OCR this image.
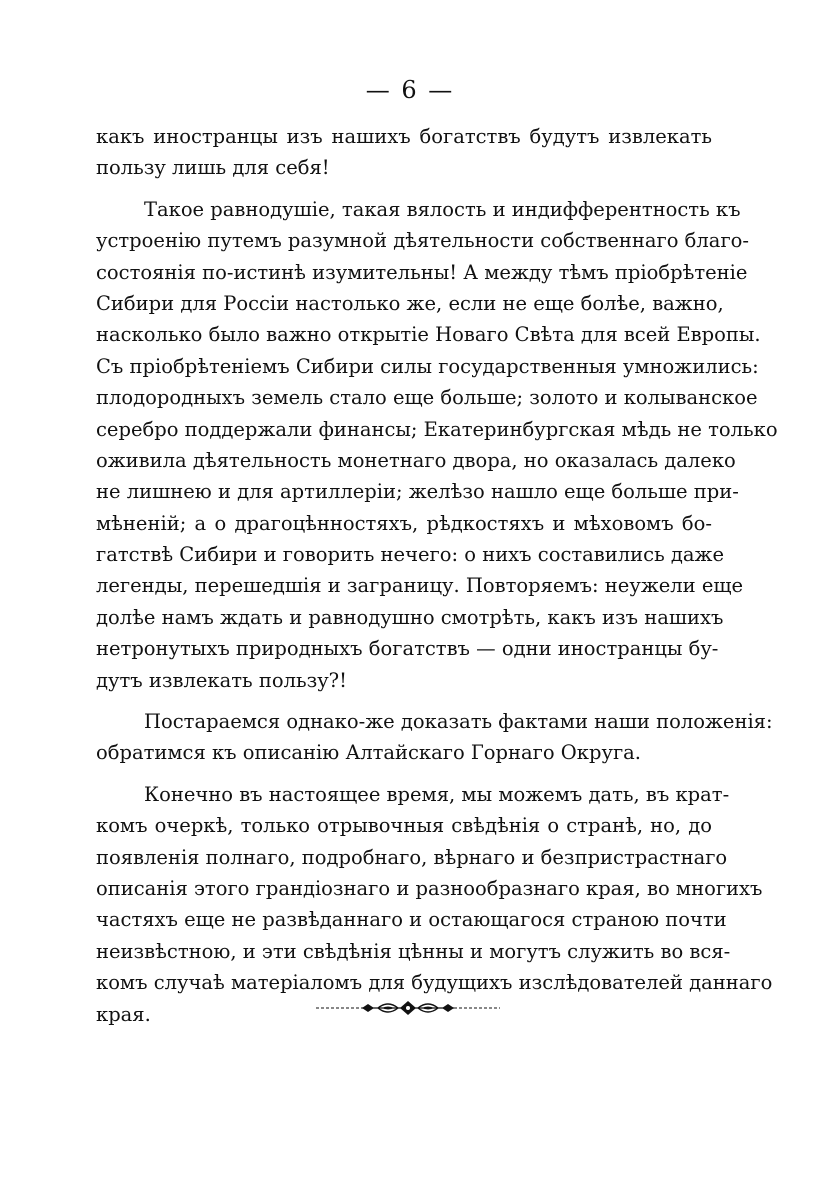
— 6 —
какъ иностранцы изъ нашихъ богатствъ будутъ извлекать
пользу лишь для себя!
Такое равнодушіе, такая вялость и индифферентность къ
устроенію путемъ разумной дѣятельности собственнаго благо-
состоянія по-истинѣ изумительны! А между тѣмъ пріобрѣтеніе
Сибири для Россіи настолько же, если не еще болѣе, важно,
насколько было важно открытіе Новаго Свѣта для всей Европы.
Съ пріобрѣтеніемъ Сибири силы государственныя умножились:
плодородныхъ земель стало еще больше; золото и колыванское
серебро поддержали финансы; Екатеринбургская мѣдь не только
оживила дѣятельность монетнаго двора, но оказалась далеко
не лишнею и для артиллеріи; желѣзо нашло еще больше при-
мѣненій; а о драгоцѣнностяхъ, рѣдкостяхъ и мѣховомъ бо-
гатствѣ Сибири и говорить нечего: о нихъ составились даже
легенды, перешедшія и заграницу. Повторяемъ: неужели еще
долѣе намъ ждать и равнодушно смотрѣть, какъ изъ нашихъ
нетронутыхъ природныхъ богатствъ — одни иностранцы бу-
дутъ извлекать пользу?!
Постараемся однако-же доказать фактами наши положенія:
обратимся къ описанію Алтайскаго Горнаго Округа.
Конечно въ настоящее время, мы можемъ дать, въ крат-
комъ очеркѣ, только отрывочныя свѣдѣнія о странѣ, но, до
появленія полнаго, подробнаго, вѣрнаго и безпристрастнаго
описанія этого грандіознаго и разнообразнаго края, во многихъ
частяхъ еще не развѣданнаго и остающагося страною почти
неизвѣстною, и эти свѣдѣнія цѣнны и могутъ служить во вся-
комъ случаѣ матеріаломъ для будущихъ изслѣдователей даннаго
края.
